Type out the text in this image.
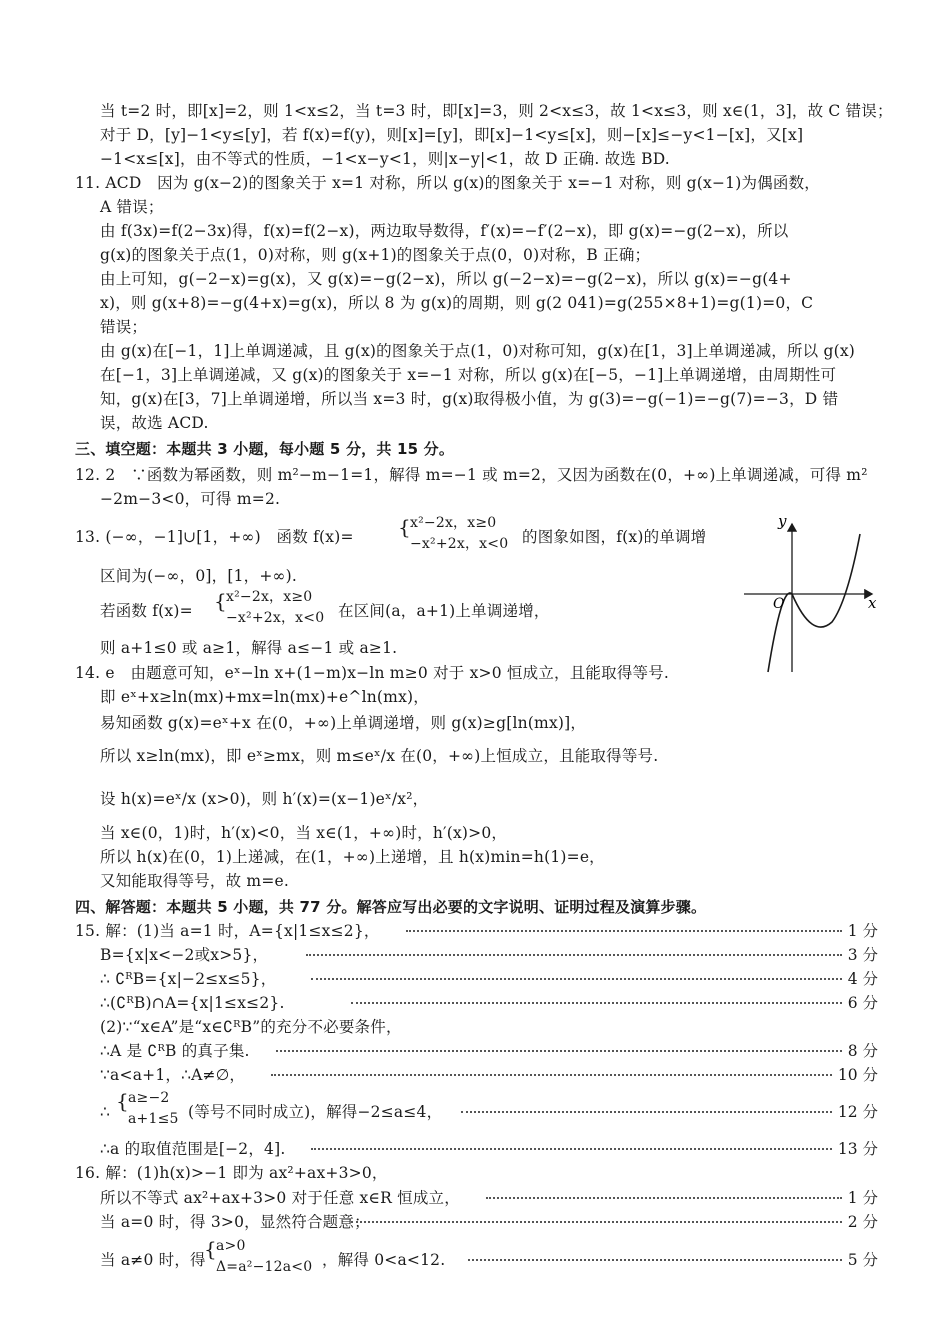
当 t=2 时，即[x]=2，则 1<x≤2，当 t=3 时，即[x]=3，则 2<x≤3，故 1<x≤3，则 x∈(1，3]，故 C 错误；
对于 D，[y]−1<y≤[y]，若 f(x)=f(y)，则[x]=[y]，即[x]−1<y≤[x]，则−[x]≤−y<1−[x]，又[x]
−1<x≤[x]，由不等式的性质，−1<x−y<1，则|x−y|<1，故 D 正确. 故选 BD.
11. ACD　因为 g(x−2)的图象关于 x=1 对称，所以 g(x)的图象关于 x=−1 对称，则 g(x−1)为偶函数，
A 错误；
由 f(3x)=f(2−3x)得，f(x)=f(2−x)，两边取导数得，f′(x)=−f′(2−x)，即 g(x)=−g(2−x)，所以
g(x)的图象关于点(1，0)对称，则 g(x+1)的图象关于点(0，0)对称，B 正确；
由上可知，g(−2−x)=g(x)，又 g(x)=−g(2−x)，所以 g(−2−x)=−g(2−x)，所以 g(x)=−g(4+
x)，则 g(x+8)=−g(4+x)=g(x)，所以 8 为 g(x)的周期，则 g(2 041)=g(255×8+1)=g(1)=0，C
错误；
由 g(x)在[−1，1]上单调递减，且 g(x)的图象关于点(1，0)对称可知，g(x)在[1，3]上单调递减，所以 g(x)
在[−1，3]上单调递减，又 g(x)的图象关于 x=−1 对称，所以 g(x)在[−5，−1]上单调递增，由周期性可
知，g(x)在[3，7]上单调递增，所以当 x=3 时，g(x)取得极小值，为 g(3)=−g(−1)=−g(7)=−3，D 错
误，故选 ACD.
三、填空题：本题共 3 小题，每小题 5 分，共 15 分。
12. 2　∵函数为幂函数，则 m²−m−1=1，解得 m=−1 或 m=2，又因为函数在(0，+∞)上单调递减，可得 m²
−2m−3<0，可得 m=2.
13. (−∞，−1]∪[1，+∞)　函数 f(x)= { x²−2x，x≥0
−x²+2x，x<0 的图象如图，f(x)的单调增
区间为(−∞，0]，[1，+∞).
若函数 f(x)= { x²−2x，x≥0
−x²+2x，x<0 在区间(a，a+1)上单调递增，
则 a+1≤0 或 a≥1，解得 a≤−1 或 a≥1.
14. e　由题意可知，eˣ−ln x+(1−m)x−ln m≥0 对于 x>0 恒成立，且能取得等号.
即 eˣ+x≥ln(mx)+mx=ln(mx)+e^ln(mx)，
易知函数 g(x)=eˣ+x 在(0，+∞)上单调递增，则 g(x)≥g[ln(mx)]，
所以 x≥ln(mx)，即 eˣ≥mx，则 m≤eˣ/x 在(0，+∞)上恒成立，且能取得等号.
设 h(x)=eˣ/x (x>0)，则 h′(x)=(x−1)eˣ/x²，
当 x∈(0，1)时，h′(x)<0，当 x∈(1，+∞)时，h′(x)>0，
所以 h(x)在(0，1)上递减，在(1，+∞)上递增，且 h(x)min=h(1)=e，
又知能取得等号，故 m=e.
四、解答题：本题共 5 小题，共 77 分。解答应写出必要的文字说明、证明过程及演算步骤。
15. 解：(1)当 a=1 时，A={x|1≤x≤2}，	1 分
B={x|x<−2或x>5}，	3 分
∴ ∁ᴿB={x|−2≤x≤5}，	4 分
∴(∁ᴿB)∩A={x|1≤x≤2}.	6 分
(2)∵“x∈A”是“x∈∁ᴿB”的充分不必要条件，
∴A 是 ∁ᴿB 的真子集.	8 分
∵a<a+1，∴A≠∅，	10 分
∴ { a≥−2
a+1≤5 (等号不同时成立)，解得−2≤a≤4，	12 分
∴a 的取值范围是[−2，4].	13 分
16. 解：(1)h(x)>−1 即为 ax²+ax+3>0，
所以不等式 ax²+ax+3>0 对于任意 x∈R 恒成立，	1 分
当 a=0 时，得 3>0，显然符合题意；	2 分
当 a≠0 时，得
{ a>0
Δ=a²−12a<0 ，解得 0<a<12.	5 分
x
y
O
